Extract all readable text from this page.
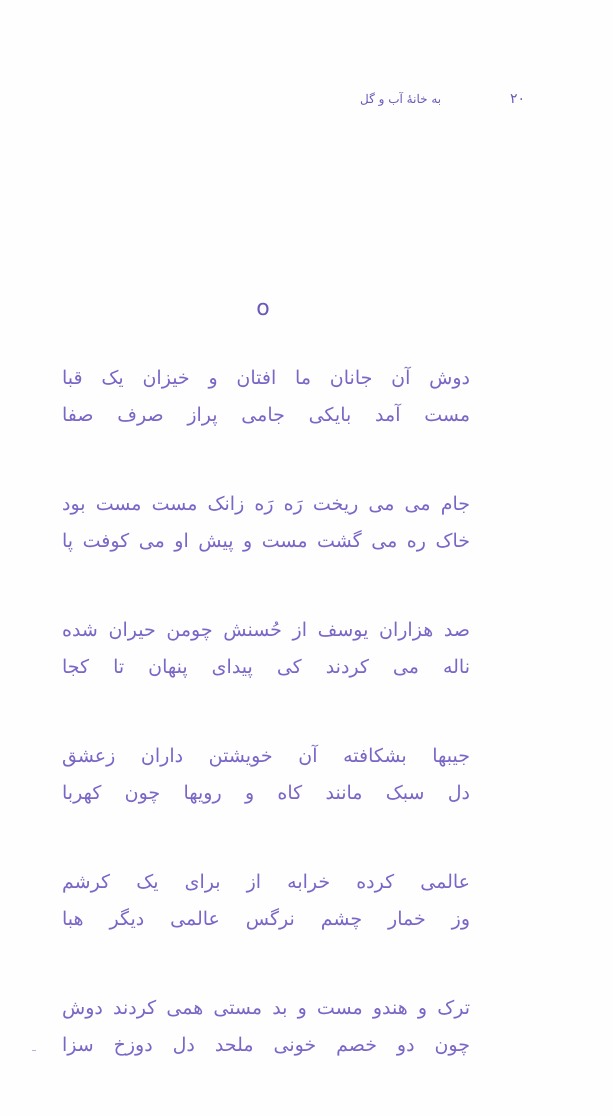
۲۰
به خانهٔ آب و گل
o
دوش آن جانان ما افتان و خیزان یک قبا
مست آمد بایکی جامی پراز صرف صفا
جام می می ریخت رَه رَه زانک مست مست بود
خاک ره می گشت مست و پیش او می کوفت پا
صد هزاران یوسف از حُسنش چومن حیران شده
ناله می کردند کی پیدای پنهان تا کجا
جیبها بشکافته آن خویشتن داران زعشق
دل سبک مانند کاه و رویها چون کهربا
عالمی کرده خرابه از برای یک کرشم
وز خمار چشم نرگس عالمی دیگر هبا
ترک و هندو مست و بد مستی همی کردند دوش
چون دو خصم خونی ملحد دل دوزخ سزا
